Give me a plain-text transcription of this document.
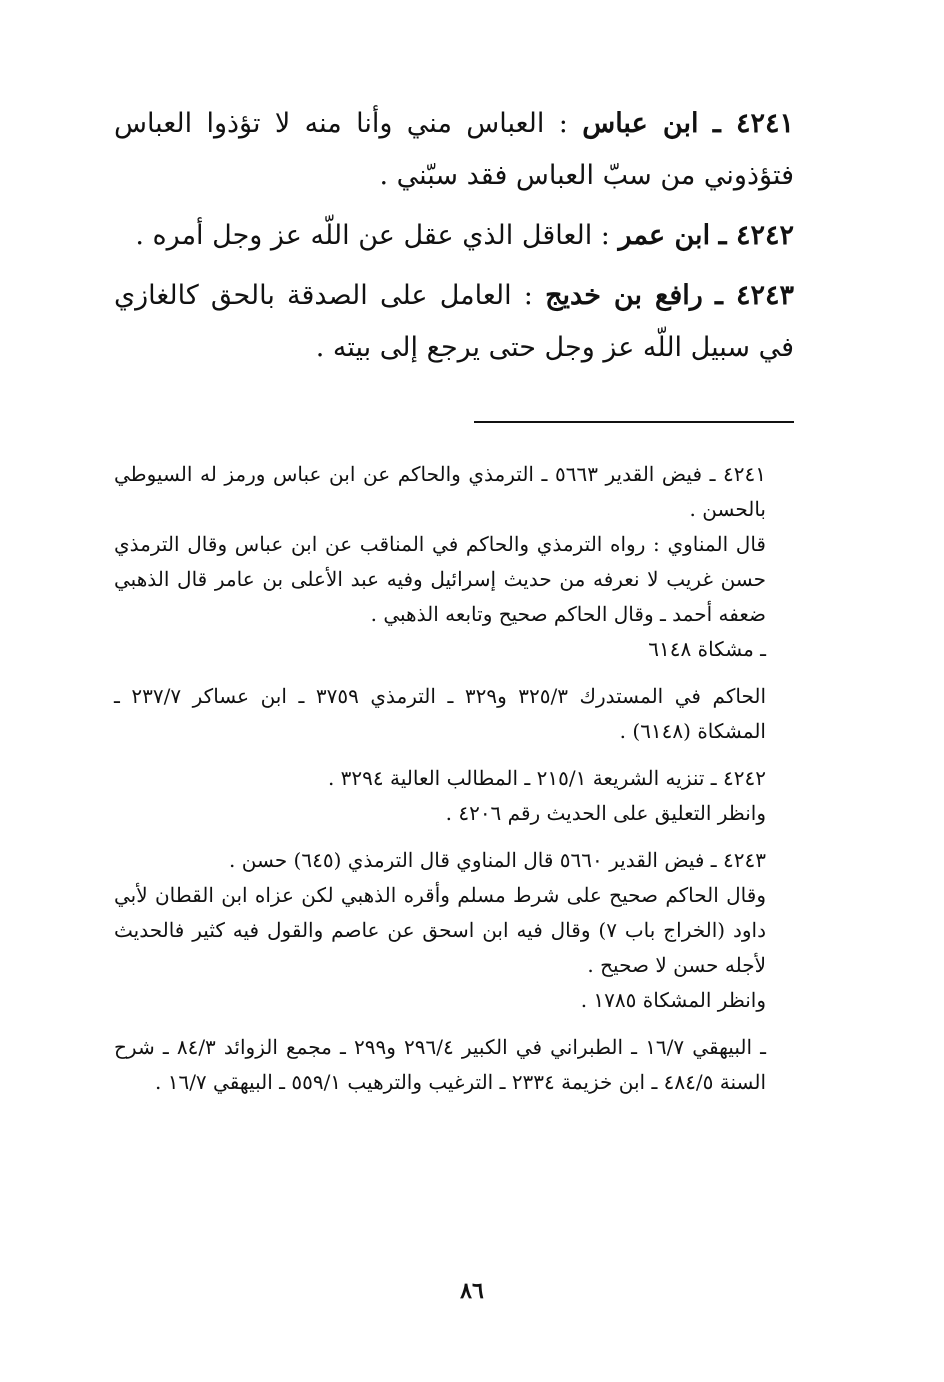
٤٢٤١ ـ ابن عباس : العباس مني وأنا منه لا تؤذوا العباس فتؤذوني من سبّ العباس فقد سبّني .

٤٢٤٢ ـ ابن عمر : العاقل الذي عقل عن اللّه عز وجل أمره .

٤٢٤٣ ـ رافع بن خديج : العامل على الصدقة بالحق كالغازي في سبيل اللّه عز وجل حتى يرجع إلى بيته .

٤٢٤١ ـ فيض القدير ٥٦٦٣ ـ الترمذي والحاكم عن ابن عباس ورمز له السيوطي بالحسن .

قال المناوي : رواه الترمذي والحاكم في المناقب عن ابن عباس وقال الترمذي حسن غريب لا نعرفه من حديث إسرائيل وفيه عبد الأعلى بن عامر قال الذهبي ضعفه أحمد ـ وقال الحاكم صحيح وتابعه الذهبي .

ـ مشكاة ٦١٤٨

الحاكم في المستدرك ٣٢٥/٣ و٣٢٩ ـ الترمذي ٣٧٥٩ ـ ابن عساكر ٢٣٧/٧ ـ المشكاة (٦١٤٨) .

٤٢٤٢ ـ تنزيه الشريعة ٢١٥/١ ـ المطالب العالية ٣٢٩٤ .

وانظر التعليق على الحديث رقم ٤٢٠٦ .

٤٢٤٣ ـ فيض القدير ٥٦٦٠ قال المناوي قال الترمذي (٦٤٥) حسن .

وقال الحاكم صحيح على شرط مسلم وأقره الذهبي لكن عزاه ابن القطان لأبي داود (الخراج باب ٧) وقال فيه ابن اسحق عن عاصم والقول فيه كثير فالحديث لأجله حسن لا صحيح .

وانظر المشكاة ١٧٨٥ .

ـ البيهقي ١٦/٧ ـ الطبراني في الكبير ٢٩٦/٤ و٢٩٩ ـ مجمع الزوائد ٨٤/٣ ـ شرح السنة ٤٨٤/٥ ـ ابن خزيمة ٢٣٣٤ ـ الترغيب والترهيب ٥٥٩/١ ـ البيهقي ١٦/٧ .

٨٦
